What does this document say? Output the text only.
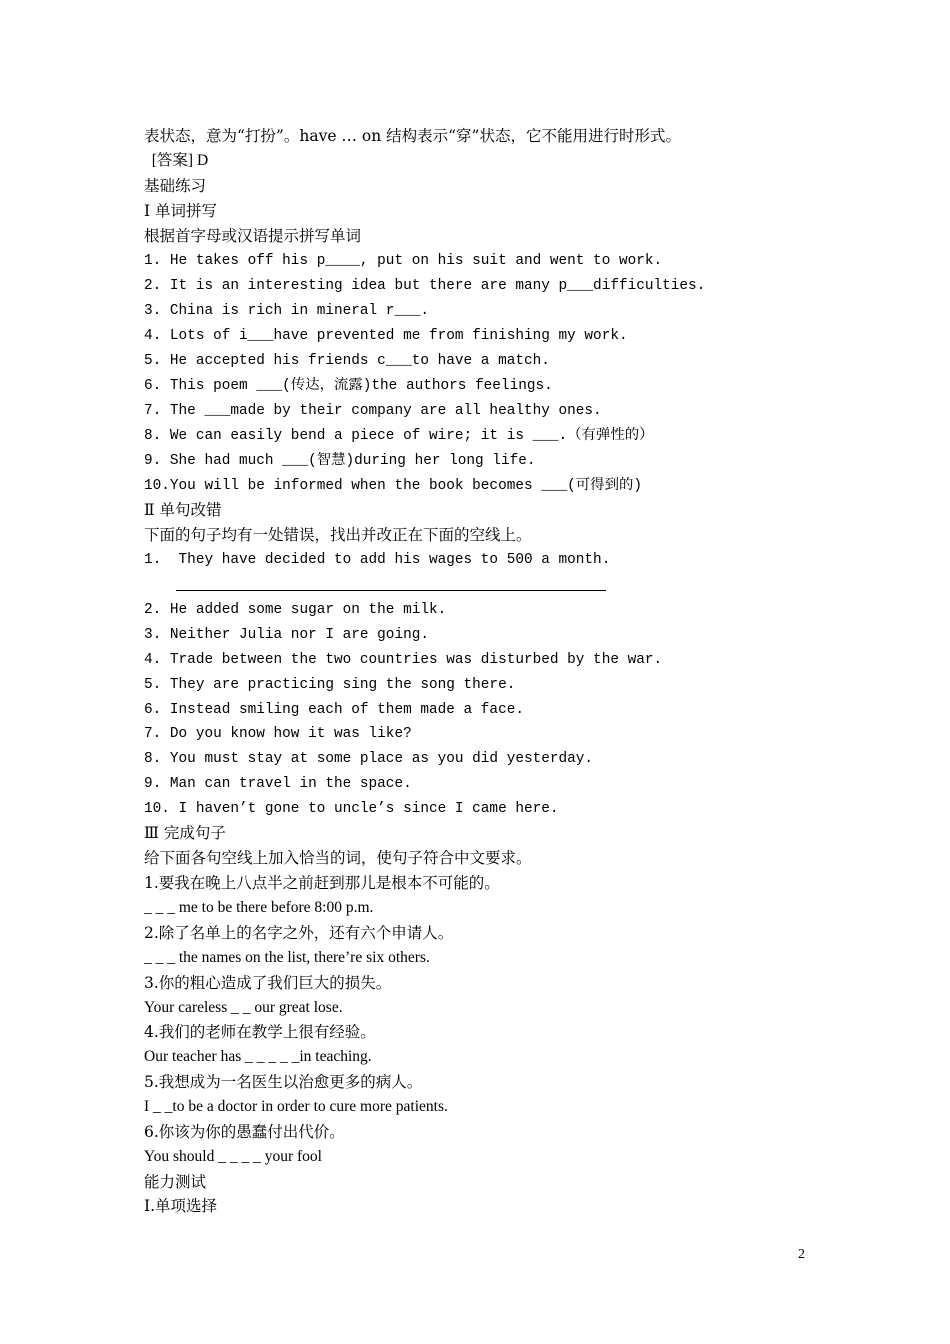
表状态，意为“打扮”。have … on 结构表示“穿”状态，它不能用进行时形式。
[答案] D
基础练习
Ⅰ 单词拼写
根据首字母或汉语提示拼写单词
1. He takes off his p____, put on his suit and went to work.
2. It is an interesting idea but there are many p___difficulties.
3. China is rich in mineral r___.
4. Lots of i___have prevented me from finishing my work.
5. He accepted his friends c___to have a match.
6. This poem ___(传达，流露)the authors feelings.
7. The ___made by their company are all healthy ones.
8. We can easily bend a piece of wire; it is ___.（有弹性的）
9. She had much ___(智慧)during her long life.
10.You will be informed when the book becomes ___(可得到的)
Ⅱ 单句改错
下面的句子均有一处错误，找出并改正在下面的空线上。
1.  They have decided to add his wages to 500 a month.
2. He added some sugar on the milk.
3. Neither Julia nor I are going.
4. Trade between the two countries was disturbed by the war.
5. They are practicing sing the song there.
6. Instead smiling each of them made a face.
7. Do you know how it was like?
8. You must stay at some place as you did yesterday.
9. Man can travel in the space.
10. I haven’t gone to uncle’s since I came here.
Ⅲ 完成句子
给下面各句空线上加入恰当的词，使句子符合中文要求。
1.要我在晚上八点半之前赶到那儿是根本不可能的。
_ _ _ me to be there before 8:00 p.m.
2.除了名单上的名字之外，还有六个申请人。
_ _ _ the names on the list, there’re six others.
3.你的粗心造成了我们巨大的损失。
Your careless _ _ our great lose.
4.我们的老师在教学上很有经验。
Our teacher has _ _ _ _ _in teaching.
5.我想成为一名医生以治愈更多的病人。
I _ _to be a doctor in order to cure more patients.
6.你该为你的愚蠢付出代价。
You should _ _ _ _ your fool
能力测试
Ⅰ.单项选择
2
